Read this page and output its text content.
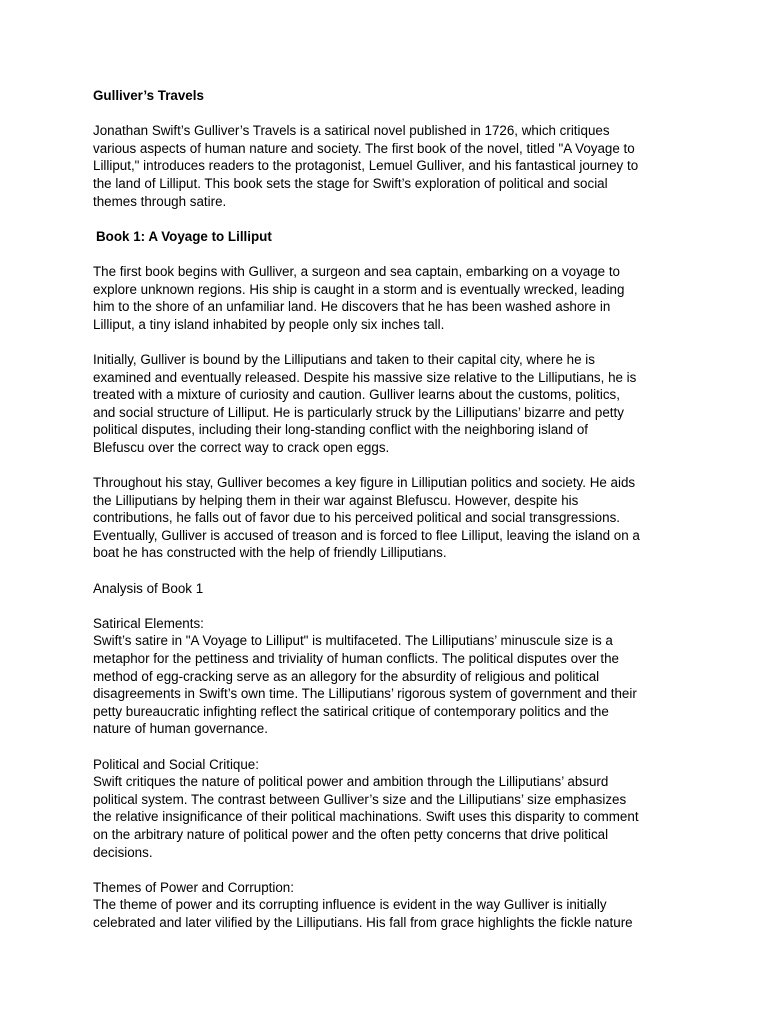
Gulliver’s Travels
Jonathan Swift’s Gulliver’s Travels is a satirical novel published in 1726, which critiques
various aspects of human nature and society. The first book of the novel, titled "A Voyage to
Lilliput," introduces readers to the protagonist, Lemuel Gulliver, and his fantastical journey to
the land of Lilliput. This book sets the stage for Swift’s exploration of political and social
themes through satire.
Book 1: A Voyage to Lilliput
The first book begins with Gulliver, a surgeon and sea captain, embarking on a voyage to
explore unknown regions. His ship is caught in a storm and is eventually wrecked, leading
him to the shore of an unfamiliar land. He discovers that he has been washed ashore in
Lilliput, a tiny island inhabited by people only six inches tall.
Initially, Gulliver is bound by the Lilliputians and taken to their capital city, where he is
examined and eventually released. Despite his massive size relative to the Lilliputians, he is
treated with a mixture of curiosity and caution. Gulliver learns about the customs, politics,
and social structure of Lilliput. He is particularly struck by the Lilliputians’ bizarre and petty
political disputes, including their long-standing conflict with the neighboring island of
Blefuscu over the correct way to crack open eggs.
Throughout his stay, Gulliver becomes a key figure in Lilliputian politics and society. He aids
the Lilliputians by helping them in their war against Blefuscu. However, despite his
contributions, he falls out of favor due to his perceived political and social transgressions.
Eventually, Gulliver is accused of treason and is forced to flee Lilliput, leaving the island on a
boat he has constructed with the help of friendly Lilliputians.
Analysis of Book 1
Satirical Elements:
Swift’s satire in "A Voyage to Lilliput" is multifaceted. The Lilliputians’ minuscule size is a
metaphor for the pettiness and triviality of human conflicts. The political disputes over the
method of egg-cracking serve as an allegory for the absurdity of religious and political
disagreements in Swift’s own time. The Lilliputians’ rigorous system of government and their
petty bureaucratic infighting reflect the satirical critique of contemporary politics and the
nature of human governance.
Political and Social Critique:
Swift critiques the nature of political power and ambition through the Lilliputians’ absurd
political system. The contrast between Gulliver’s size and the Lilliputians’ size emphasizes
the relative insignificance of their political machinations. Swift uses this disparity to comment
on the arbitrary nature of political power and the often petty concerns that drive political
decisions.
Themes of Power and Corruption:
The theme of power and its corrupting influence is evident in the way Gulliver is initially
celebrated and later vilified by the Lilliputians. His fall from grace highlights the fickle nature
